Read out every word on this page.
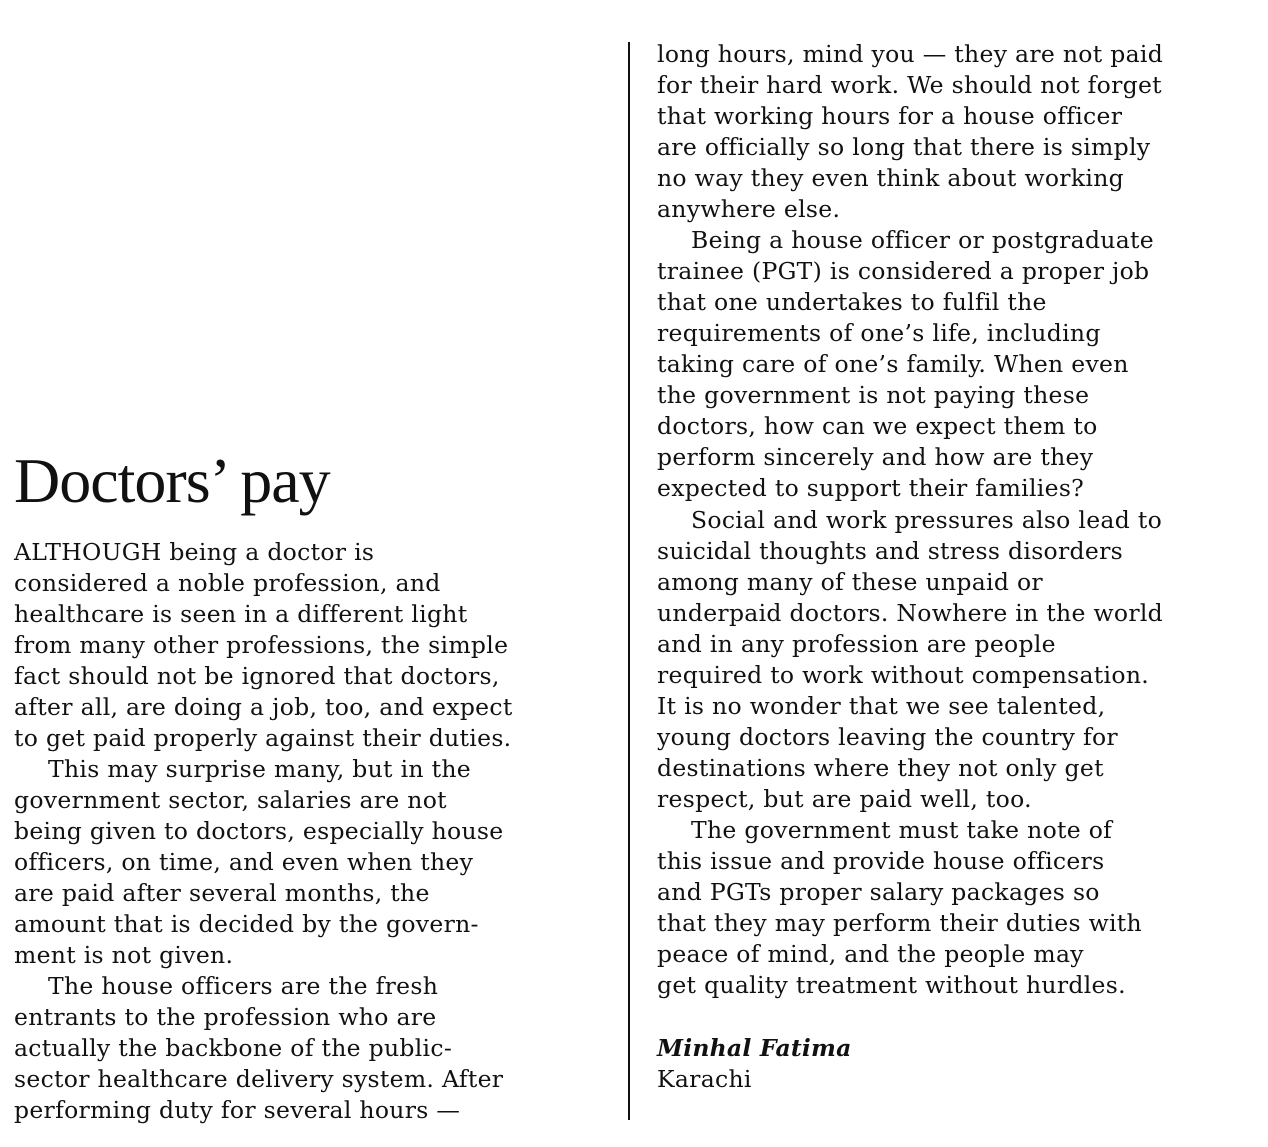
Doctors’ pay
ALTHOUGH being a doctor is
considered a noble profession, and
healthcare is seen in a different light
from many other professions, the simple
fact should not be ignored that doctors,
after all, are doing a job, too, and expect
to get paid properly against their duties.
This may surprise many, but in the
government sector, salaries are not
being given to doctors, especially house
officers, on time, and even when they
are paid after several months, the
amount that is decided by the govern-
ment is not given.
The house officers are the fresh
entrants to the profession who are
actually the backbone of the public-
sector healthcare delivery system. After
performing duty for several hours —
long hours, mind you — they are not paid
for their hard work. We should not forget
that working hours for a house officer
are officially so long that there is simply
no way they even think about working
anywhere else.
Being a house officer or postgraduate
trainee (PGT) is considered a proper job
that one undertakes to fulfil the
requirements of one’s life, including
taking care of one’s family. When even
the government is not paying these
doctors, how can we expect them to
perform sincerely and how are they
expected to support their families?
Social and work pressures also lead to
suicidal thoughts and stress disorders
among many of these unpaid or
underpaid doctors. Nowhere in the world
and in any profession are people
required to work without compensation.
It is no wonder that we see talented,
young doctors leaving the country for
destinations where they not only get
respect, but are paid well, too.
The government must take note of
this issue and provide house officers
and PGTs proper salary packages so
that they may perform their duties with
peace of mind, and the people may
get quality treatment without hurdles.
Minhal Fatima
Karachi
